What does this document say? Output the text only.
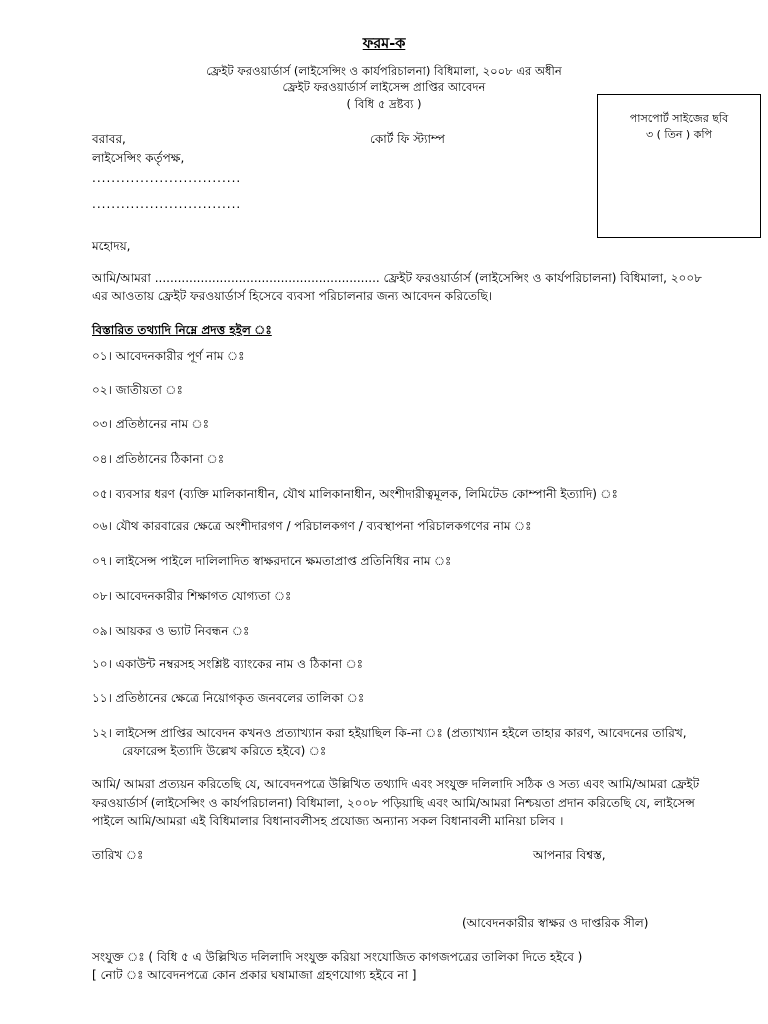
ফরম-ক
ফ্রেইট ফরওয়ার্ডার্স (লাইসেন্সিং ও কার্যপরিচালনা) বিধিমালা, ২০০৮ এর অধীন
ফ্রেইট ফরওয়ার্ডার্স লাইসেন্স প্রাপ্তির আবেদন
( বিধি ৫ দ্রষ্টব্য )
পাসপোর্ট সাইজের ছবি
৩ ( তিন ) কপি
বরাবর,	কোর্ট ফি স্ট্যাম্প
লাইসেন্সিং কর্তৃপক্ষ,
...............................
...............................
মহোদয়,
আমি/আমরা ........................................................... ফ্রেইট ফরওয়ার্ডার্স (লাইসেন্সিং ও কার্যপরিচালনা) বিধিমালা, ২০০৮
এর আওতায় ফ্রেইট ফরওয়ার্ডার্স হিসেবে ব্যবসা পরিচালনার জন্য আবেদন করিতেছি।
বিস্তারিত তথ্যাদি নিম্নে প্রদত্ত হইল ঃ
০১। আবেদনকারীর পূর্ণ নাম ঃ
০২। জাতীয়তা ঃ
০৩। প্রতিষ্ঠানের নাম ঃ
০৪। প্রতিষ্ঠানের ঠিকানা ঃ
০৫। ব্যবসার ধরণ (ব্যক্তি মালিকানাধীন, যৌথ মালিকানাধীন, অংশীদারীত্বমূলক, লিমিটেড কোম্পানী ইত্যাদি) ঃ
০৬। যৌথ কারবারের ক্ষেত্রে অংশীদারগণ / পরিচালকগণ / ব্যবস্থাপনা পরিচালকগণের নাম ঃ
০৭। লাইসেন্স পাইলে দালিলাদিত স্বাক্ষরদানে ক্ষমতাপ্রাপ্ত প্রতিনিধির নাম ঃ
০৮। আবেদনকারীর শিক্ষাগত যোগ্যতা ঃ
০৯। আয়কর ও ভ্যাট নিবন্ধন ঃ
১০। একাউন্ট নম্বরসহ সংশ্লিষ্ট ব্যাংকের নাম ও ঠিকানা ঃ
১১। প্রতিষ্ঠানের ক্ষেত্রে নিয়োগকৃত জনবলের তালিকা ঃ
১২। লাইসেন্স প্রাপ্তির আবেদন কখনও প্রত্যাখ্যান করা হইয়াছিল কি-না ঃ (প্রত্যাখ্যান হইলে তাহার কারণ, আবেদনের তারিখ,
রেফারেন্স ইত্যাদি উল্লেখ করিতে হইবে) ঃ
আমি/ আমরা প্রত্যয়ন করিতেছি যে, আবেদনপত্রে উল্লিখিত তথ্যাদি এবং সংযুক্ত দলিলাদি সঠিক ও সত্য এবং আমি/আমরা ফ্রেইট
ফরওয়ার্ডার্স (লাইসেন্সিং ও কার্যপরিচালনা) বিধিমালা, ২০০৮ পড়িয়াছি এবং আমি/আমরা নিশ্চয়তা প্রদান করিতেছি যে, লাইসেন্স
পাইলে আমি/আমরা এই বিধিমালার বিধানাবলীসহ প্রযোজ্য অন্যান্য সকল বিধানাবলী মানিয়া চলিব ।
তারিখ ঃ	আপনার বিশ্বস্ত,
(আবেদনকারীর স্বাক্ষর ও দাপ্তরিক সীল)
সংযুক্ত ঃ ( বিধি ৫ এ উল্লিখিত দলিলাদি সংযুক্ত করিয়া সংযোজিত কাগজপত্রের তালিকা দিতে হইবে )
[ নোট ঃ আবেদনপত্রে কোন প্রকার ঘষামাজা গ্রহণযোগ্য হইবে না ]
